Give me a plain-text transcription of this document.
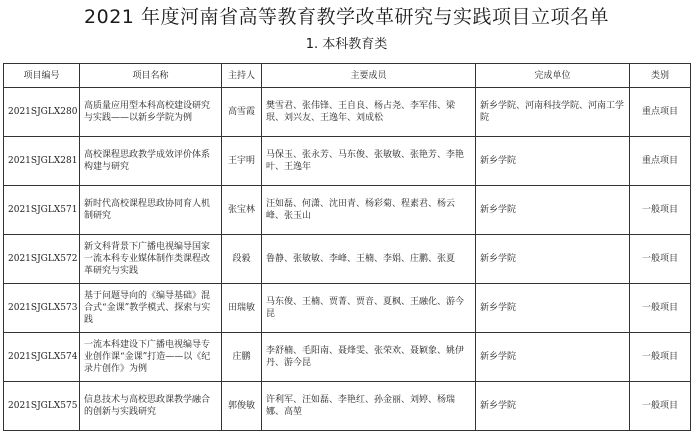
2021 年度河南省高等教育教学改革研究与实践项目立项名单
1. 本科教育类
项目编号	项目名称	主持人	主要成员	完成单位	类别
2021SJGLX280	高质量应用型本科高校建设研究与实践——以新乡学院为例	高雪霞	樊雪君、张伟锋、王自良、杨占尧、李军伟、梁珉、刘兴友、王逸年、刘成松	新乡学院、河南科技学院、河南工学院	重点项目
2021SJGLX281	高校课程思政教学成效评价体系构建与研究	王宇明	马保玉、张永芳、马东俊、张敏敏、张艳芳、李艳叶、王逸年	新乡学院	重点项目
2021SJGLX571	新时代高校课程思政协同育人机制研究	张宝林	汪如磊、何潇、沈田青、杨彩菊、程素君、杨云峰、张玉山	新乡学院	一般项目
2021SJGLX572	新文科背景下广播电视编导国家一流本科专业媒体制作类课程改革研究与实践	段毅	鲁静、张敏敏、李峰、王楠、李娟、庄鹏、张夏	新乡学院	一般项目
2021SJGLX573	基于问题导向的《编导基础》混合式“金课”教学模式、探索与实践	田瑞敏	马东俊、王楠、贾菁、贾音、夏枫、王融化、游今昆	新乡学院	一般项目
2021SJGLX574	一流本科建设下广播电视编导专业创作课“金课”打造——以《纪录片创作》为例	庄鹏	李舒楠、毛阳南、聂烽雯、张荣欢、聂颖象、姚伊丹、游今昆	新乡学院	一般项目
2021SJGLX575	信息技术与高校思政课教学融合的创新与实践研究	郭俊敏	许利军、汪如磊、李艳红、孙金丽、刘婷、杨瑞娜、高堃	新乡学院	一般项目
